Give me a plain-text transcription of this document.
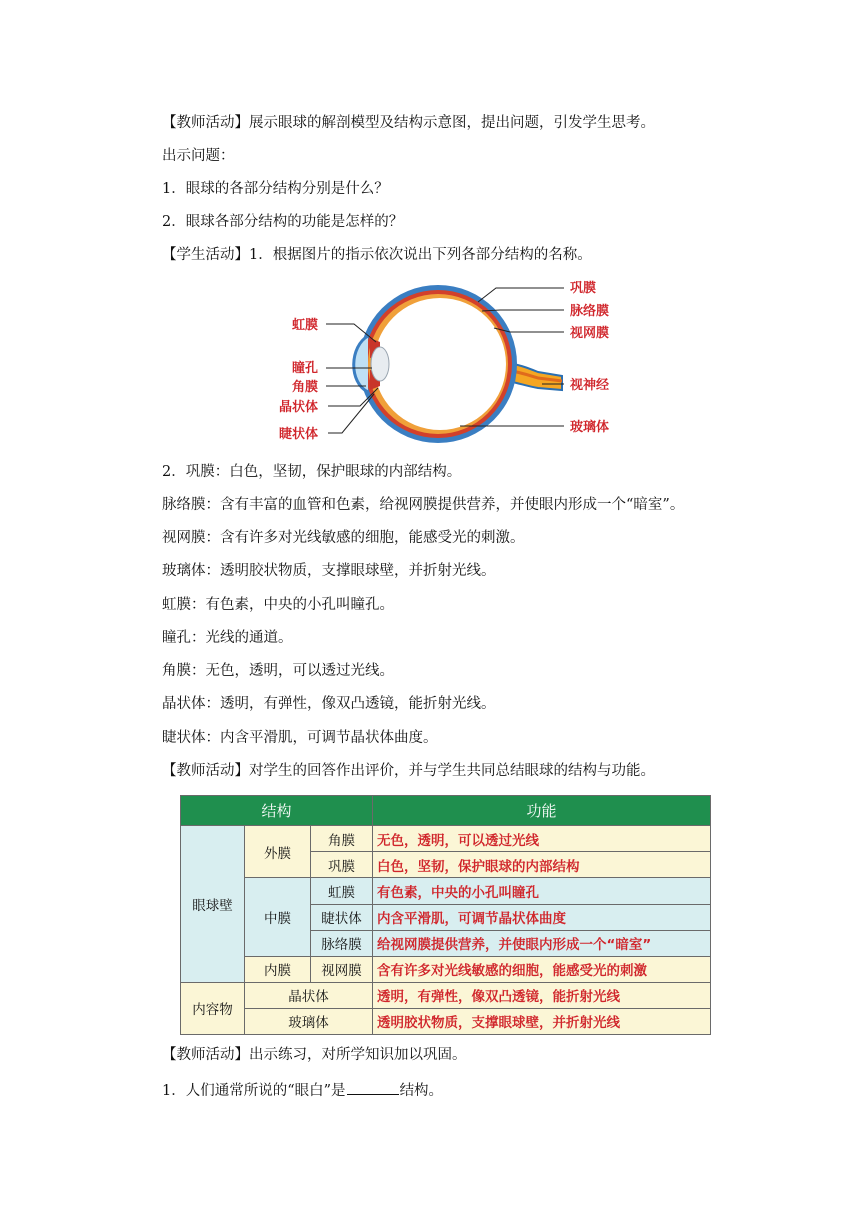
【教师活动】展示眼球的解剖模型及结构示意图，提出问题，引发学生思考。
出示问题：
1．眼球的各部分结构分别是什么？
2．眼球各部分结构的功能是怎样的？
【学生活动】1．根据图片的指示依次说出下列各部分结构的名称。
虹膜
瞳孔
角膜
晶状体
睫状体
巩膜
脉络膜
视网膜
视神经
玻璃体
2．巩膜：白色，坚韧，保护眼球的内部结构。
脉络膜：含有丰富的血管和色素，给视网膜提供营养，并使眼内形成一个“暗室”。
视网膜：含有许多对光线敏感的细胞，能感受光的刺激。
玻璃体：透明胶状物质，支撑眼球壁，并折射光线。
虹膜：有色素，中央的小孔叫瞳孔。
瞳孔：光线的通道。
角膜：无色，透明，可以透过光线。
晶状体：透明，有弹性，像双凸透镜，能折射光线。
睫状体：内含平滑肌，可调节晶状体曲度。
【教师活动】对学生的回答作出评价，并与学生共同总结眼球的结构与功能。
结构			功能
眼球壁	外膜	角膜	无色，透明，可以透过光线
		巩膜	白色，坚韧，保护眼球的内部结构
	中膜	虹膜	有色素，中央的小孔叫瞳孔
		睫状体	内含平滑肌，可调节晶状体曲度
		脉络膜	给视网膜提供营养，并使眼内形成一个“暗室”
	内膜	视网膜	含有许多对光线敏感的细胞，能感受光的刺激
内容物	晶状体		透明，有弹性，像双凸透镜，能折射光线
	玻璃体		透明胶状物质，支撑眼球壁，并折射光线
【教师活动】出示练习，对所学知识加以巩固。
1．人们通常所说的“眼白”是	结构。
